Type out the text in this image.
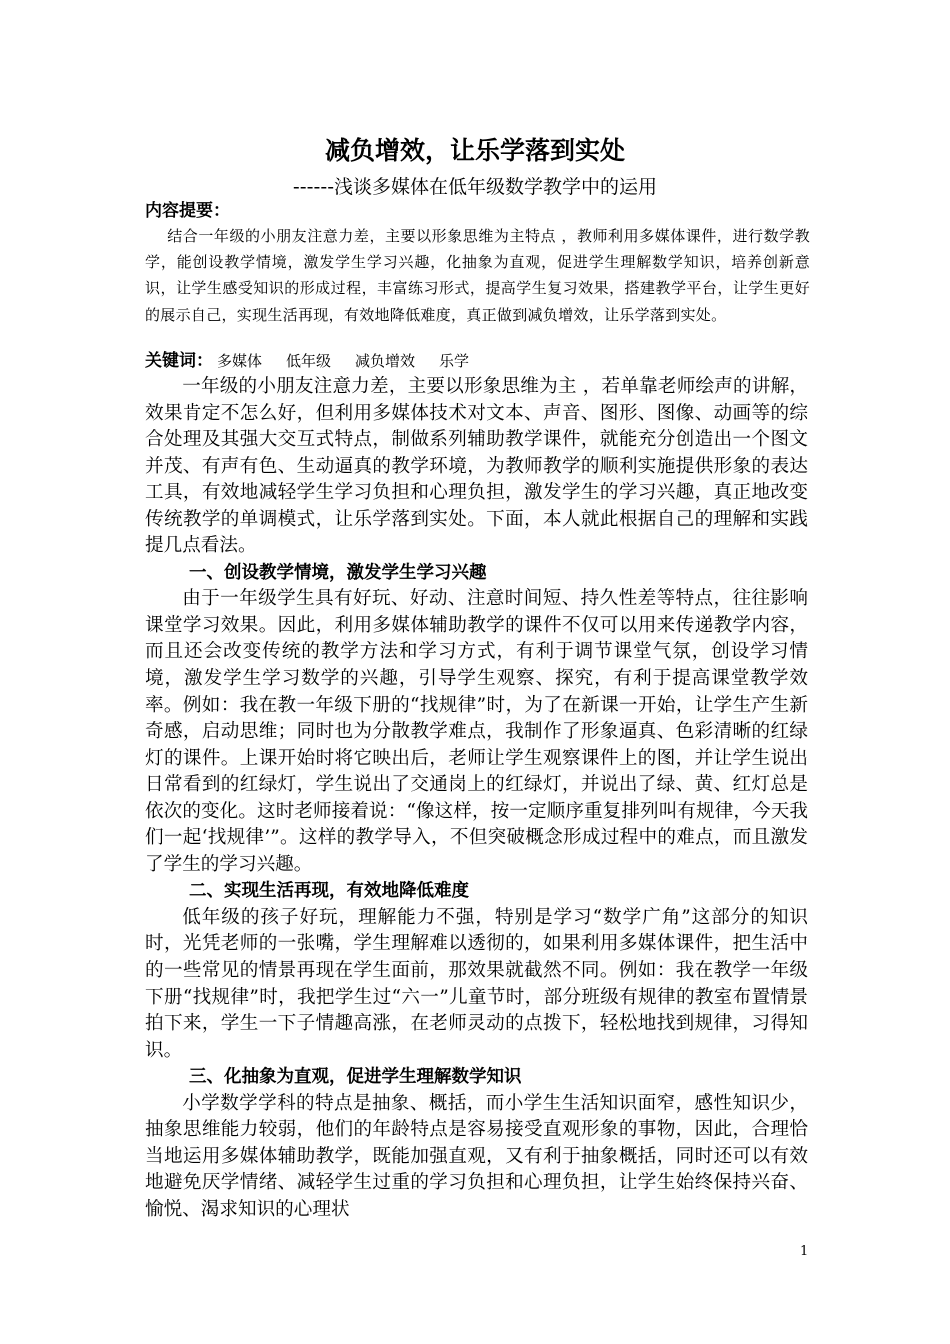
减负增效，让乐学落到实处
------浅谈多媒体在低年级数学教学中的运用
内容提要：

结合一年级的小朋友注意力差，主要以形象思维为主特点 ，教师利用多媒体课件，进行数学教学，能创设教学情境，激发学生学习兴趣，化抽象为直观，促进学生理解数学知识，培养创新意识，让学生感受知识的形成过程，丰富练习形式，提高学生复习效果，搭建教学平台，让学生更好的展示自己，实现生活再现，有效地降低难度，真正做到减负增效，让乐学落到实处。

关键词： 多媒体 低年级 减负增效 乐学

一年级的小朋友注意力差，主要以形象思维为主 ，若单靠老师绘声的讲解，效果肯定不怎么好，但利用多媒体技术对文本、声音、图形、图像、动画等的综合处理及其强大交互式特点，制做系列辅助教学课件，就能充分创造出一个图文并茂、有声有色、生动逼真的教学环境，为教师教学的顺利实施提供形象的表达工具，有效地减轻学生学习负担和心理负担，激发学生的学习兴趣，真正地改变传统教学的单调模式，让乐学落到实处。下面，本人就此根据自己的理解和实践提几点看法。

一、创设教学情境，激发学生学习兴趣

由于一年级学生具有好玩、好动、注意时间短、持久性差等特点，往往影响课堂学习效果。因此，利用多媒体辅助教学的课件不仅可以用来传递教学内容，而且还会改变传统的教学方法和学习方式，有利于调节课堂气氛，创设学习情境，激发学生学习数学的兴趣，引导学生观察、探究，有利于提高课堂教学效率。例如：我在教一年级下册的“找规律”时，为了在新课一开始，让学生产生新奇感，启动思维；同时也为分散教学难点，我制作了形象逼真、色彩清晰的红绿灯的课件。上课开始时将它映出后，老师让学生观察课件上的图，并让学生说出日常看到的红绿灯，学生说出了交通岗上的红绿灯，并说出了绿、黄、红灯总是依次的变化。这时老师接着说：“像这样，按一定顺序重复排列叫有规律，今天我们一起‘找规律’”。这样的教学导入，不但突破概念形成过程中的难点，而且激发了学生的学习兴趣。

二、实现生活再现，有效地降低难度

低年级的孩子好玩，理解能力不强，特别是学习“数学广角”这部分的知识时，光凭老师的一张嘴，学生理解难以透彻的，如果利用多媒体课件，把生活中的一些常见的情景再现在学生面前，那效果就截然不同。例如：我在教学一年级下册“找规律”时，我把学生过“六一”儿童节时，部分班级有规律的教室布置情景拍下来，学生一下子情趣高涨，在老师灵动的点拨下，轻松地找到规律，习得知识。

三、化抽象为直观，促进学生理解数学知识

小学数学学科的特点是抽象、概括，而小学生生活知识面窄，感性知识少，抽象思维能力较弱，他们的年龄特点是容易接受直观形象的事物，因此，合理恰当地运用多媒体辅助教学，既能加强直观，又有利于抽象概括，同时还可以有效地避免厌学情绪、减轻学生过重的学习负担和心理负担，让学生始终保持兴奋、愉悦、渴求知识的心理状

1
